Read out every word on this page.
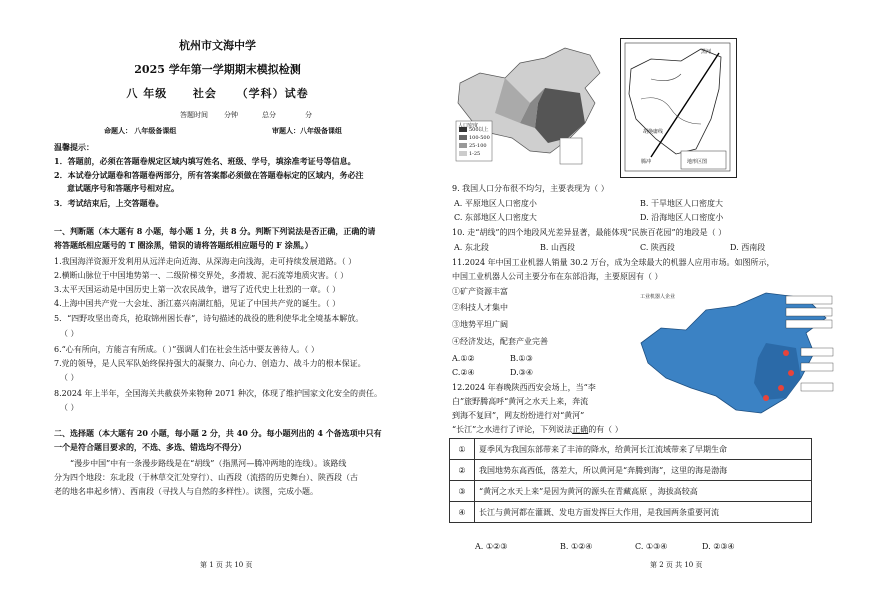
杭州市文海中学
2025 学年第一学期期末模拟检测
八 年级 社会 （学科）试卷
答题时间 分钟	总分	分
命题人： 八年级备课组	审题人：八年级备课组
温馨提示：
1．答题前，必须在答题卷规定区域内填写姓名、班级、学号，填涂准考证号等信息。
2．本试卷分试题卷和答题卷两部分，所有答案都必须做在答题卷标定的区域内，务必注
意试题序号和答题序号相对应。
3．考试结束后，上交答题卷。
一、判断题（本大题有 8 小题，每小题 1 分，共 8 分。判断下列说法是否正确，正确的请
将答题纸相应题号的 T 圈涂黑，错误的请将答题纸相应题号的 F 涂黑。）
1.我国海洋资源开发利用从远洋走向近海、从深海走向浅海，走可持续发展道路。（ ）
2.横断山脉位于中国地势第一、二级阶梯交界处，多滑坡、泥石流等地质灾害。（ ）
3.太平天国运动是中国历史上第一次农民战争，谱写了近代史上壮烈的一章。（ ）
4.上海中国共产党一大会址、浙江嘉兴南湖红船，见证了中国共产党的诞生。（ ）
5．“四野攻坚出奇兵，抢取锦州困长春”，诗句描述的战役的胜利使华北全境基本解放。
（ ）
6.“心有所向，方能言有所成。（ ）”强调人们在社会生活中要友善待人。（ ）
7.党的领导，是人民军队始终保持强大的凝聚力、向心力、创造力、战斗力的根本保证。
（ ）
8.2024 年上半年，全国海关共截获外来物种 2071 种次，体现了维护国家文化安全的责任。
（ ）
二、选择题（本大题有 20 小题，每小题 2 分，共 40 分。每小题列出的 4 个备选项中只有
一个是符合题目要求的，不选、多选、错选均不得分）
“漫步中国”中有一条漫步路线是在“胡线”（指黑河—腾冲两地的连线）。该路线
分为四个地段：东北段（于林草交汇处穿行）、山西段（流搭的历史舞台）、陕西段（古
老的地名串起乡情）、西南段（寻找人与自然的多样性）。读图，完成小题。
第 1 页 共 10 页
人口密度
500以上
100-500
25-100
1-25
胡焕庸线
黑河
腾冲	地形区图
9. 我国人口分布很不均匀，主要表现为（ ）
A. 平原地区人口密度小	B. 干旱地区人口密度大
C. 东部地区人口密度大	D. 沿海地区人口密度小
10. 走“胡线”的四个地段风光差异显著，最能体现“民族百花园”的地段是（ ）
A. 东北段	B. 山西段	C. 陕西段	D. 西南段
11.2024 年中国工业机器人销量 30.2 万台，成为全球最大的机器人应用市场。如图所示，
中国工业机器人公司主要分布在东部沿海，主要原因有（ ）
①矿产资源丰富
②科技人才集中
③地势平坦广阔
④经济发达，配套产业完善
A.①②	B.①③
C.②④	D.③④
12.2024 年春晚陕西西安会场上，当“李
白”旅野腾高呼“黄河之水天上来，奔流
到海不复回”，网友纷纷进行对“黄河”
“长江”之水进行了评论，下列说法正确的有（ ）
A. ①②③	B. ①②④	C. ①③④	D. ②③④
第 2 页 共 10 页
工业机器人企业
①	夏季风为我国东部带来了丰沛的降水，给黄河长江流域带来了早期生命
②	我国地势东高西低，落差大，所以黄河是“奔腾到海”，这里的海是渤海
③	“黄河之水天上来”是因为黄河的源头在青藏高原 ，海拔高较高
④	长江与黄河都在灌溉、发电方面发挥巨大作用，是我国两条重要河流
